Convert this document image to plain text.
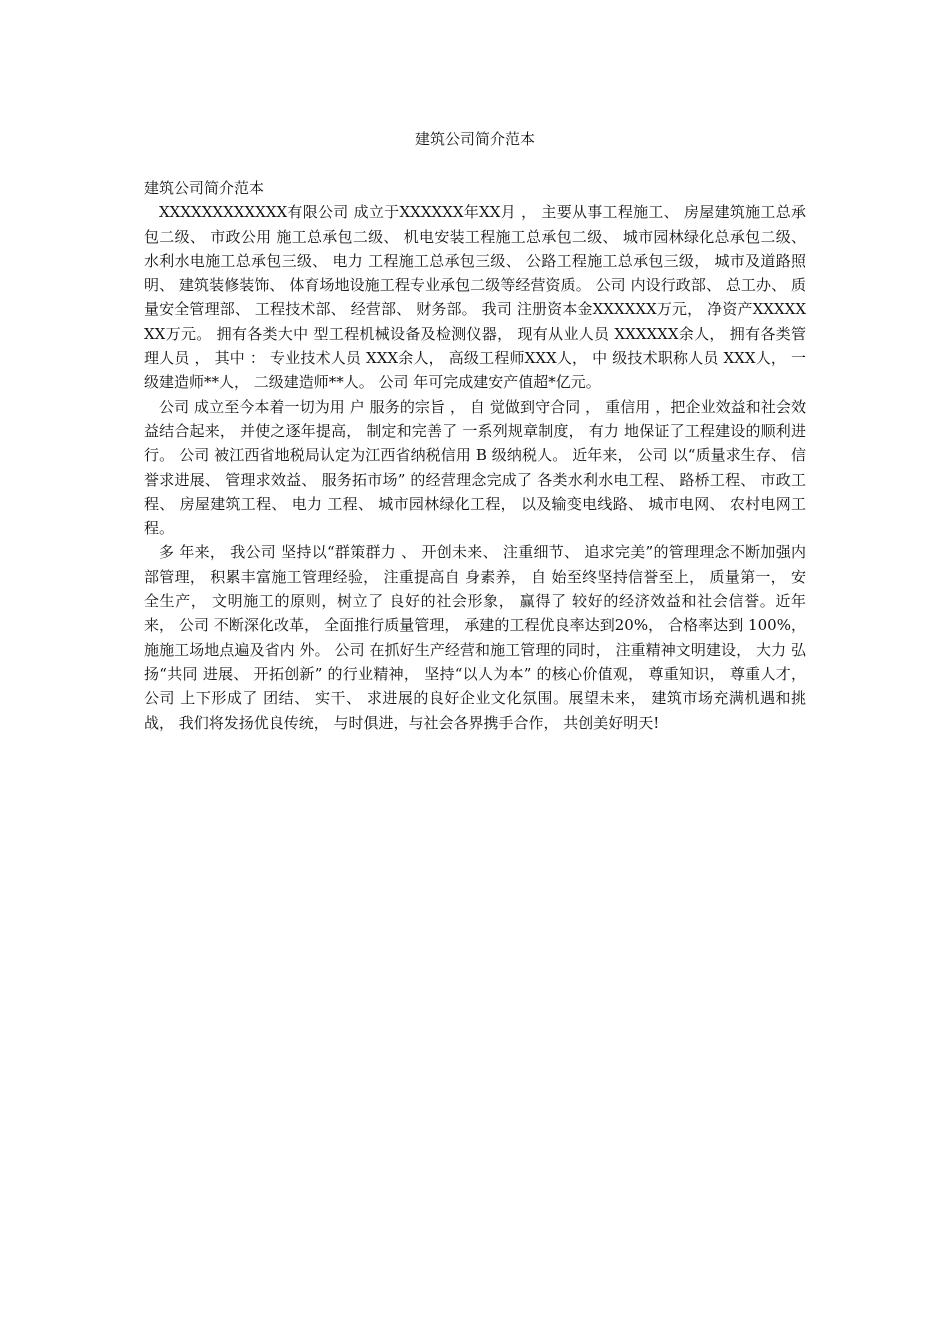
建筑公司简介范本
建筑公司简介范本

XXXXXXXXXXXX有限公司 成立于XXXXXX年XX月 ， 主要从事工程施工、 房屋建筑施工总承包二级、 市政公用 施工总承包二级、 机电安装工程施工总承包二级、 城市园林绿化总承包二级、 水利水电施工总承包三级、 电力 工程施工总承包三级、 公路工程施工总承包三级， 城市及道路照明、 建筑装修装饰、 体育场地设施工程专业承包二级等经营资质。 公司 内设行政部、 总工办、 质量安全管理部、 工程技术部、 经营部、 财务部。 我司 注册资本金XXXXXX万元， 净资产XXXXXXX万元。 拥有各类大中 型工程机械设备及检测仪器， 现有从业人员 XXXXXX余人， 拥有各类管理人员 ， 其中 ： 专业技术人员 XXX余人， 高级工程师XXX人， 中 级技术职称人员 XXX人， 一级建造师**人， 二级建造师**人。 公司 年可完成建安产值超*亿元。

公司 成立至今本着一切为用 户 服务的宗旨 ， 自 觉做到守合同 ， 重信用 ，把企业效益和社会效益结合起来， 并使之逐年提高， 制定和完善了 一系列规章制度， 有力 地保证了工程建设的顺利进行。 公司 被江西省地税局认定为江西省纳税信用 B 级纳税人。 近年来， 公司 以“质量求生存、 信誉求进展、 管理求效益、 服务拓市场” 的经营理念完成了 各类水利水电工程、 路桥工程、 市政工程、 房屋建筑工程、 电力 工程、 城市园林绿化工程， 以及输变电线路、 城市电网、 农村电网工程。

多 年来， 我公司 坚持以“群策群力 、 开创未来、 注重细节、 追求完美”的管理理念不断加强内 部管理， 积累丰富施工管理经验， 注重提高自 身素养， 自 始至终坚持信誉至上， 质量第一， 安全生产， 文明施工的原则，树立了 良好的社会形象， 赢得了 较好的经济效益和社会信誉。近年来， 公司 不断深化改革， 全面推行质量管理， 承建的工程优良率达到20%， 合格率达到 100%， 施施工场地点遍及省内 外。 公司 在抓好生产经营和施工管理的同时， 注重精神文明建设， 大力 弘扬“共同 进展、 开拓创新” 的行业精神， 坚持“以人为本” 的核心价值观， 尊重知识， 尊重人才， 公司 上下形成了 团结、 实干、 求进展的良好企业文化氛围。展望未来， 建筑市场充满机遇和挑战， 我们将发扬优良传统， 与时俱进，与社会各界携手合作， 共创美好明天!
